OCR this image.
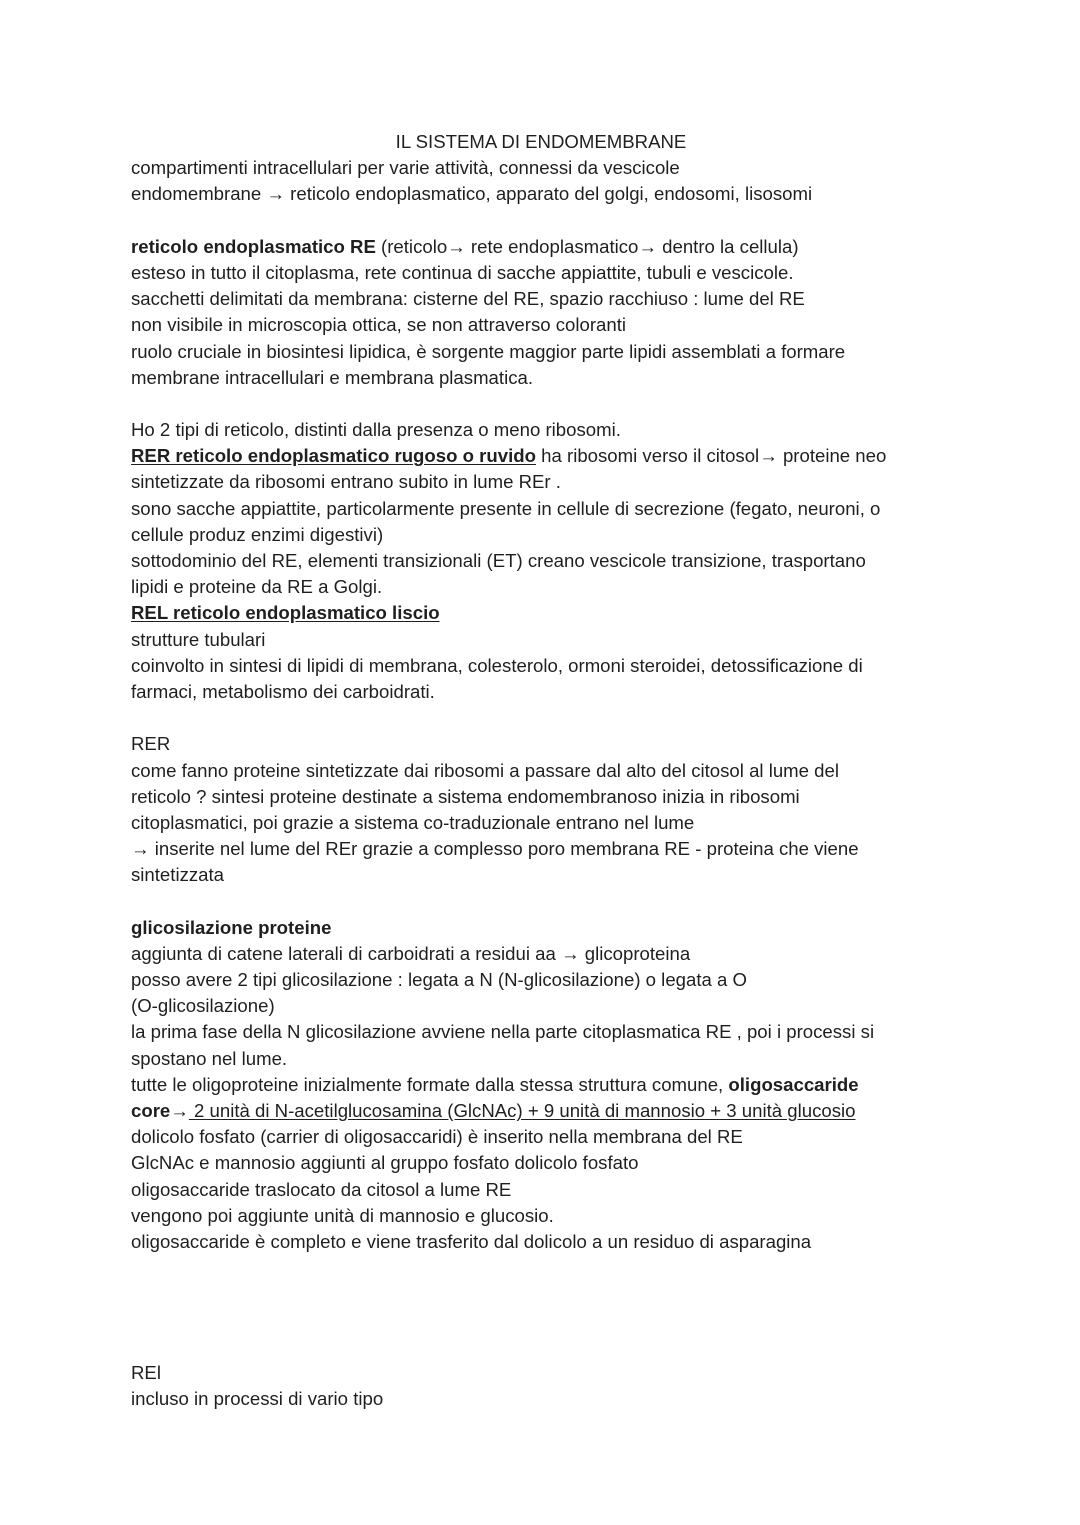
IL SISTEMA DI ENDOMEMBRANE
compartimenti intracellulari per varie attività, connessi da vescicole
endomembrane → reticolo endoplasmatico, apparato del golgi, endosomi, lisosomi
reticolo endoplasmatico RE (reticolo→ rete endoplasmatico→ dentro la cellula)
esteso in tutto il citoplasma, rete continua di sacche appiattite, tubuli e vescicole.
sacchetti delimitati da membrana: cisterne del RE, spazio racchiuso : lume del RE
non visibile in microscopia ottica, se non attraverso coloranti
ruolo cruciale in biosintesi lipidica, è sorgente maggior parte lipidi assemblati a formare
membrane intracellulari e membrana plasmatica.
Ho 2 tipi di reticolo, distinti dalla presenza o meno ribosomi.
RER reticolo endoplasmatico rugoso o ruvido ha ribosomi verso il citosol→ proteine neo
sintetizzate da ribosomi entrano subito in lume REr .
sono sacche appiattite, particolarmente presente in cellule di secrezione (fegato, neuroni, o
cellule produz enzimi digestivi)
sottodominio del RE, elementi transizionali (ET) creano vescicole transizione, trasportano
lipidi e proteine da RE a Golgi.
REL reticolo endoplasmatico liscio
strutture tubulari
coinvolto in sintesi di lipidi di membrana, colesterolo, ormoni steroidei, detossificazione di
farmaci, metabolismo dei carboidrati.
RER
come fanno proteine sintetizzate dai ribosomi a passare dal alto del citosol al lume del
reticolo ? sintesi proteine destinate a sistema endomembranoso inizia in ribosomi
citoplasmatici, poi grazie a sistema co-traduzionale entrano nel lume
→ inserite nel lume del REr grazie a complesso poro membrana RE - proteina che viene
sintetizzata
glicosilazione proteine
aggiunta di catene laterali di carboidrati a residui aa → glicoproteina
posso avere 2 tipi glicosilazione : legata a N (N-glicosilazione) o legata a O
(O-glicosilazione)
la prima fase della N glicosilazione avviene nella parte citoplasmatica RE , poi i processi si
spostano nel lume.
tutte le oligoproteine inizialmente formate dalla stessa struttura comune, oligosaccaride
core→ 2 unità di N-acetilglucosamina (GlcNAc) + 9 unità di mannosio + 3 unità glucosio
dolicolo fosfato (carrier di oligosaccaridi) è inserito nella membrana del RE
GlcNAc e mannosio aggiunti al gruppo fosfato dolicolo fosfato
oligosaccaride traslocato da citosol a lume RE
vengono poi aggiunte unità di mannosio e glucosio.
oligosaccaride è completo e viene trasferito dal dolicolo a un residuo di asparagina
REl
incluso in processi di vario tipo
